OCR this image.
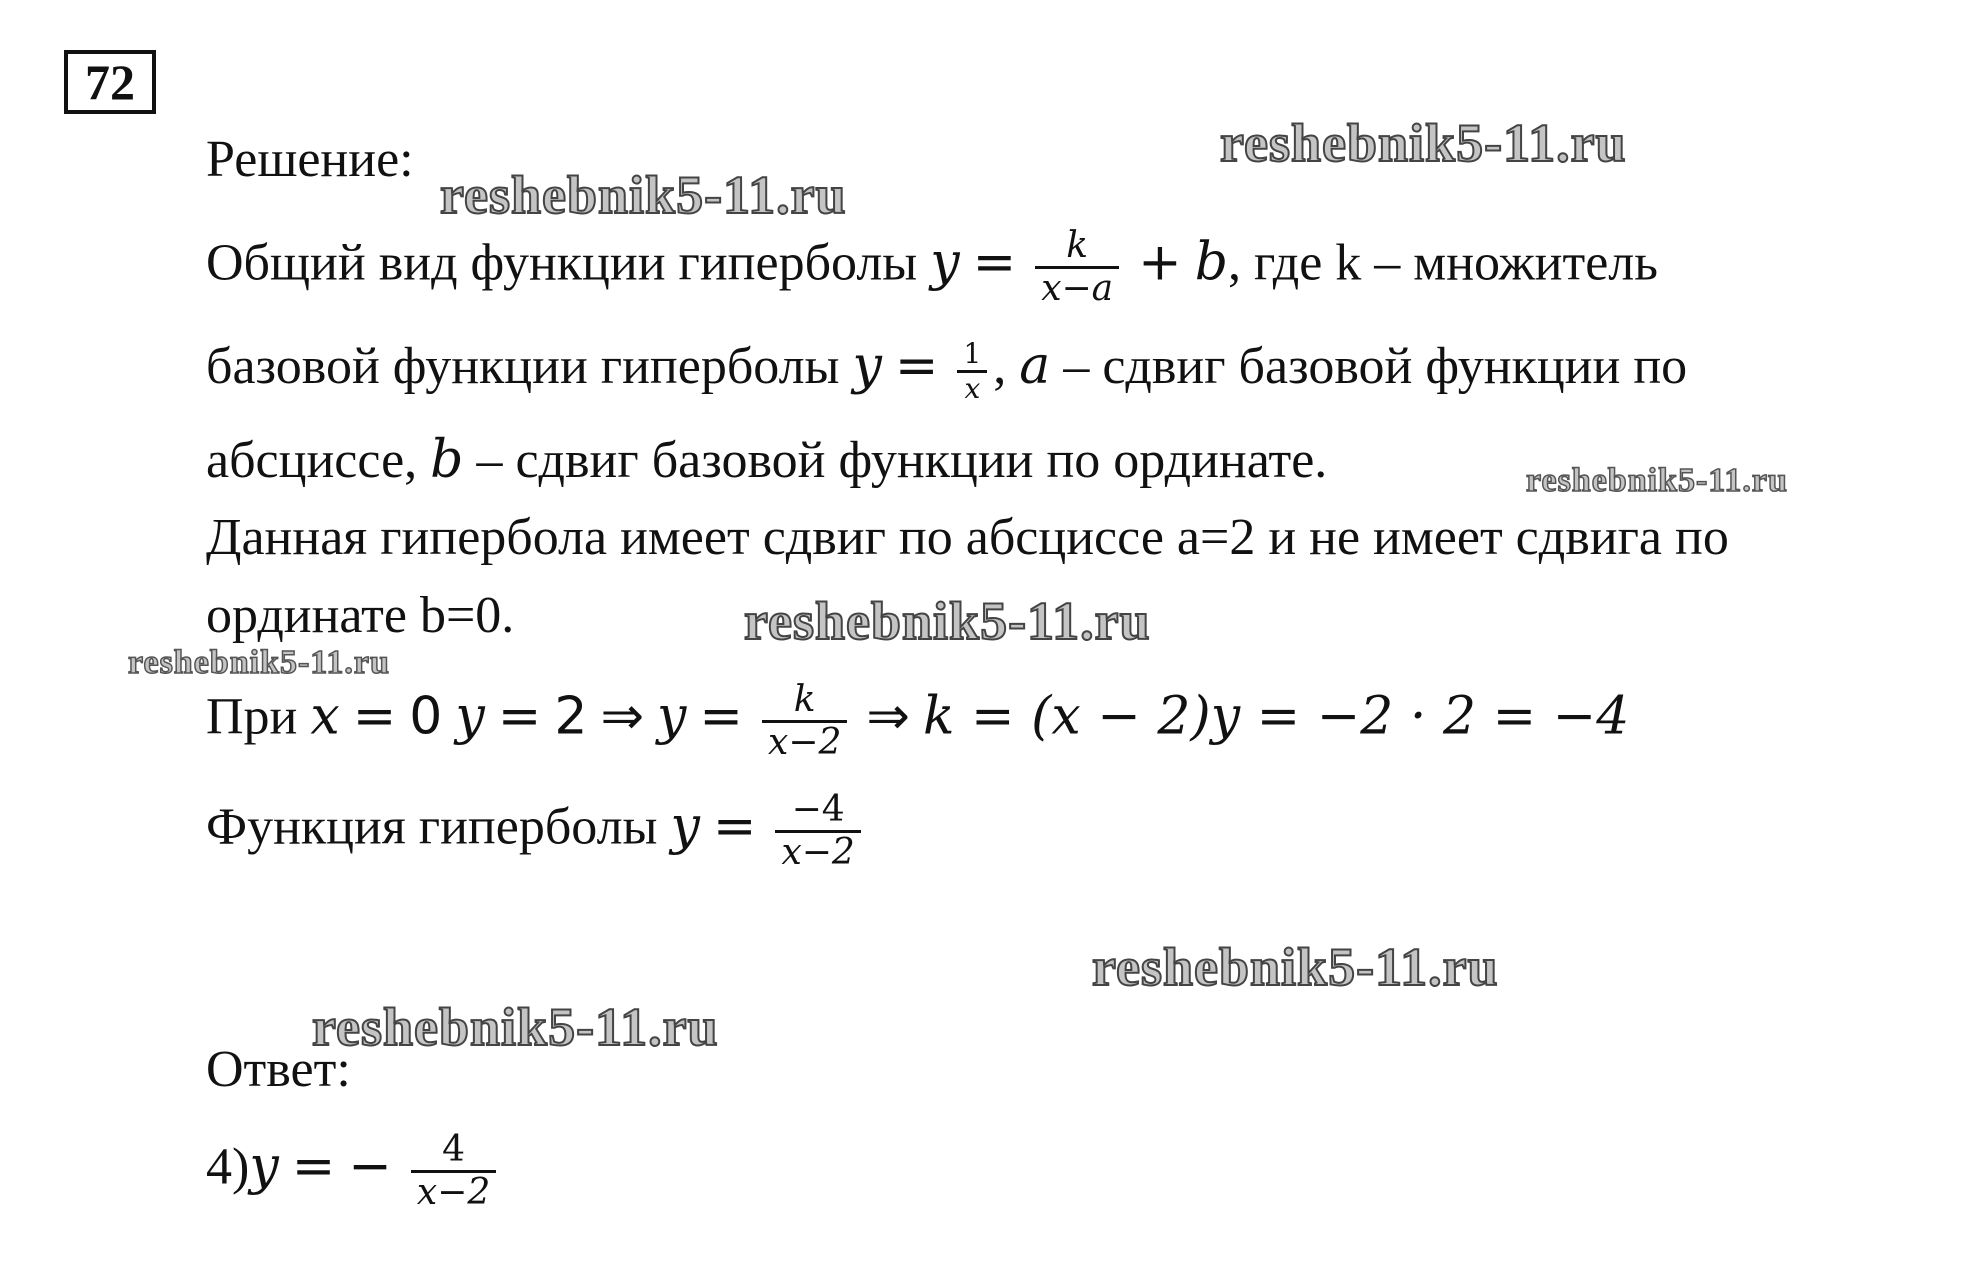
72
Решение:
Общий вид функции гиперболы $y = \frac{k}{x-a} + b$, где k – множитель
базовой функции гиперболы $y = \frac{1}{x}$ , a – сдвиг базовой функции по
абсциссе, b – сдвиг базовой функции по ординате.
Данная гипербола имеет сдвиг по абсциссе а=2 и не имеет сдвига по
ординате b=0.
При x = 0 y = 2 ⇒ $y = \frac{k}{x-2}$ ⇒ k = (x − 2)y = −2 · 2 = −4
Функция гиперболы $y = \frac{-4}{x-2}$
Ответ:
4)y = − $\frac{4}{x-2}$
reshebnik5-11.ru
reshebnik5-11.ru
reshebnik5-11.ru
reshebnik5-11.ru
reshebnik5-11.ru
reshebnik5-11.ru
reshebnik5-11.ru
